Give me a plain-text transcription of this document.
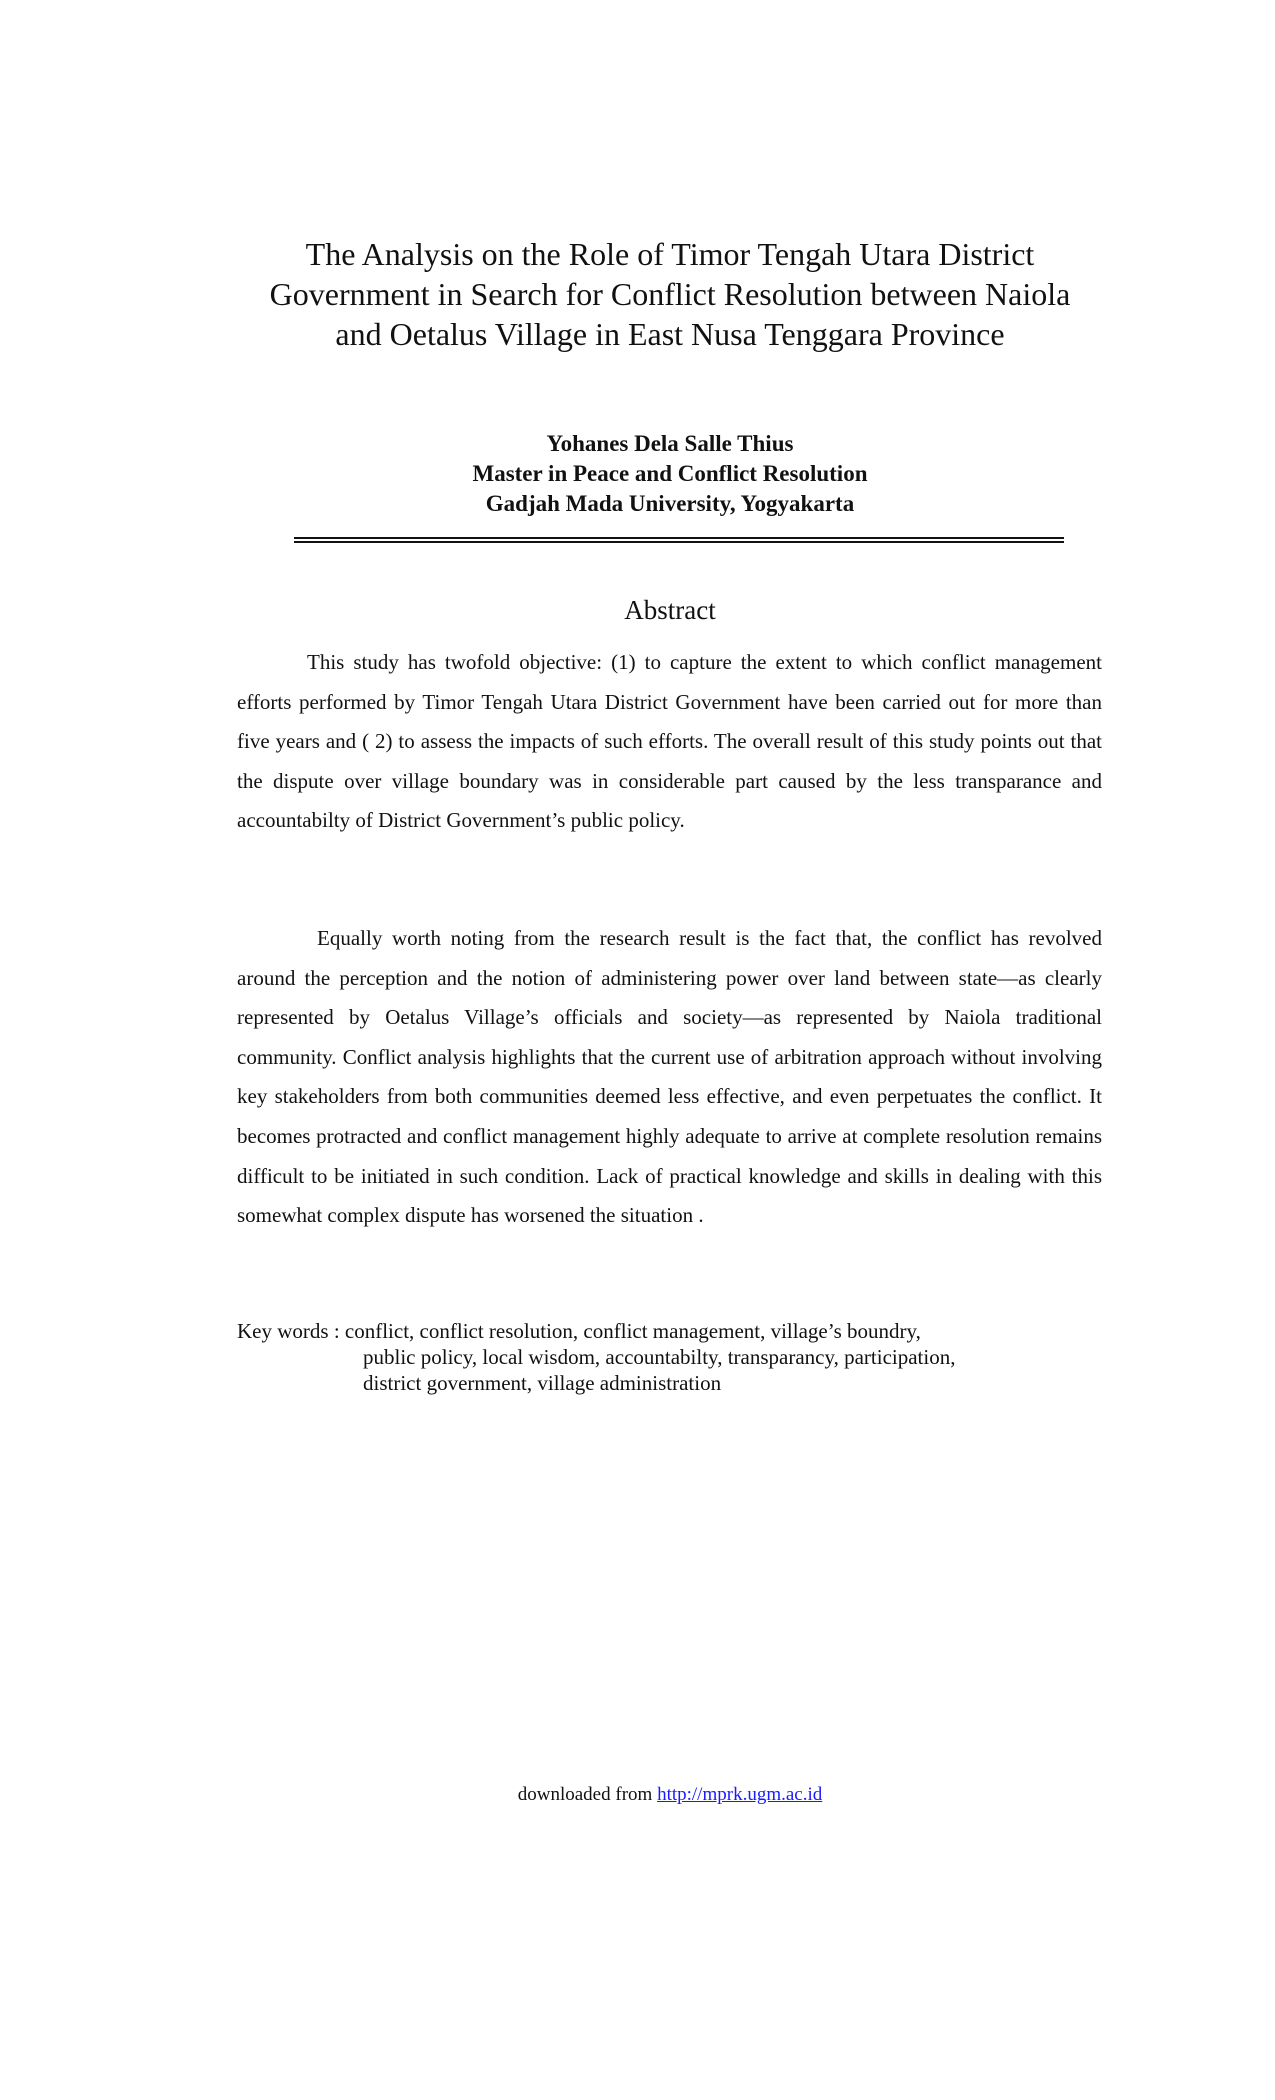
The Analysis on the Role of Timor Tengah Utara District
Government in Search for Conflict Resolution between Naiola
and Oetalus Village in East Nusa Tenggara Province
Yohanes Dela Salle Thius
Master in Peace and Conflict Resolution
Gadjah Mada University, Yogyakarta
Abstract

This study has twofold objective: (1) to capture the extent to which conflict management efforts performed by Timor Tengah Utara District Government have been carried out for more than five years and ( 2) to assess the impacts of such efforts. The overall result of this study points out that the dispute over village boundary was in considerable part caused by the less transparance and accountabilty of District Government’s public policy.

Equally worth noting from the research result is the fact that, the conflict has revolved around the perception and the notion of administering power over land between state—as clearly represented by Oetalus Village’s officials and society—as represented by Naiola traditional community. Conflict analysis highlights that the current use of arbitration approach without involving key stakeholders from both communities deemed less effective, and even perpetuates the conflict. It becomes protracted and conflict management highly adequate to arrive at complete resolution remains difficult to be initiated in such condition. Lack of practical knowledge and skills in dealing with this somewhat complex dispute has worsened the situation .

Key words : conflict, conflict resolution, conflict management, village’s boundry,
public policy, local wisdom, accountabilty, transparancy, participation,
district government, village administration
downloaded from http://mprk.ugm.ac.id
